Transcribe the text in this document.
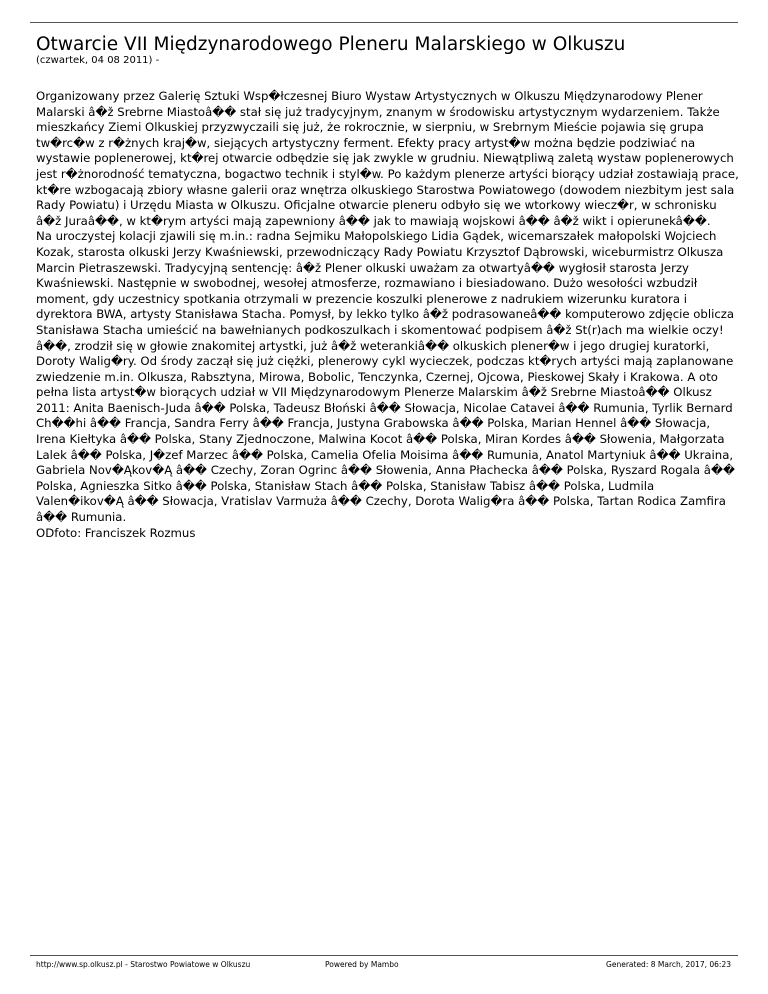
Otwarcie VII Międzynarodowego Pleneru Malarskiego w Olkuszu
(czwartek, 04 08 2011) -

Organizowany przez Galerię Sztuki Wsp�łczesnej Biuro Wystaw Artystycznych w Olkuszu Międzynarodowy Plener Malarski â�ž Srebrne Miastoâ�� stał się już tradycyjnym, znanym w środowisku artystycznym wydarzeniem. Także mieszkańcy Ziemi Olkuskiej przyzwyczaili się już, że rokrocznie, w sierpniu, w Srebrnym Mieście pojawia się grupa tw�rc�w z r�żnych kraj�w, siejących artystyczny ferment. Efekty pracy artyst�w można będzie podziwiać na wystawie poplenerowej, kt�rej otwarcie odbędzie się jak zwykle w grudniu. Niewątpliwą zaletą wystaw poplenerowych jest r�żnorodność tematyczna, bogactwo technik i styl�w. Po każdym plenerze artyści biorący udział zostawiają prace, kt�re wzbogacają zbiory własne galerii oraz wnętrza olkuskiego Starostwa Powiatowego (dowodem niezbitym jest sala Rady Powiatu) i Urzędu Miasta w Olkuszu. Oficjalne otwarcie pleneru odbyło się we wtorkowy wiecz�r, w schronisku â�ž Juraâ��, w kt�rym artyści mają zapewniony â�� jak to mawiają wojskowi â�� â�ž wikt i opierunekâ��.

Na uroczystej kolacji zjawili się m.in.: radna Sejmiku Małopolskiego Lidia Gądek, wicemarszałek małopolski Wojciech Kozak, starosta olkuski Jerzy Kwaśniewski, przewodniczący Rady Powiatu Krzysztof Dąbrowski, wiceburmistrz Olkusza Marcin Pietraszewski. Tradycyjną sentencję: â�ž Plener olkuski uważam za otwartyâ�� wygłosił starosta Jerzy Kwaśniewski. Następnie w swobodnej, wesołej atmosferze, rozmawiano i biesiadowano. Dużo wesołości wzbudził moment, gdy uczestnicy spotkania otrzymali w prezencie koszulki plenerowe z nadrukiem wizerunku kuratora i dyrektora BWA, artysty Stanisława Stacha. Pomysł, by lekko tylko â�ž podrasowaneâ�� komputerowo zdjęcie oblicza Stanisława Stacha umieścić na bawełnianych podkoszulkach i skomentować podpisem â�ž St(r)ach ma wielkie oczy!â��, zrodził się w głowie znakomitej artystki, już â�ž weterankiâ�� olkuskich plener�w i jego drugiej kuratorki, Doroty Walig�ry. Od środy zaczął się już ciężki, plenerowy cykl wycieczek, podczas kt�rych artyści mają zaplanowane zwiedzenie m.in. Olkusza, Rabsztyna, Mirowa, Bobolic, Tenczynka, Czernej, Ojcowa, Pieskowej Skały i Krakowa. A oto pełna lista artyst�w biorących udział w VII Międzynarodowym Plenerze Malarskim â�ž Srebrne Miastoâ�� Olkusz 2011: Anita Baenisch-Juda â�� Polska, Tadeusz Błoński â�� Słowacja, Nicolae Catavei â�� Rumunia, Tyrlik Bernard Ch��hi â�� Francja, Sandra Ferry â�� Francja, Justyna Grabowska â�� Polska, Marian Hennel â�� Słowacja, Irena Kiełtyka â�� Polska, Stany Zjednoczone, Malwina Kocot â�� Polska, Miran Kordes â�� Słowenia, Małgorzata Lalek â�� Polska, J�zef Marzec â�� Polska, Camelia Ofelia Moisima â�� Rumunia, Anatol Martyniuk â�� Ukraina, Gabriela Nov�Ąkov�Ą â�� Czechy, Zoran Ogrinc â�� Słowenia, Anna Płachecka â�� Polska, Ryszard Rogala â�� Polska, Agnieszka Sitko â�� Polska, Stanisław Stach â�� Polska, Stanisław Tabisz â�� Polska, Ludmila Valen�ikov�Ą â�� Słowacja, Vratislav Varmuża â�� Czechy, Dorota Walig�ra â�� Polska, Tartan Rodica Zamfira â�� Rumunia.

ODfoto: Franciszek Rozmus

http://www.sp.olkusz.pl - Starostwo Powiatowe w Olkuszu	Powered by Mambo	Generated: 8 March, 2017, 06:23
